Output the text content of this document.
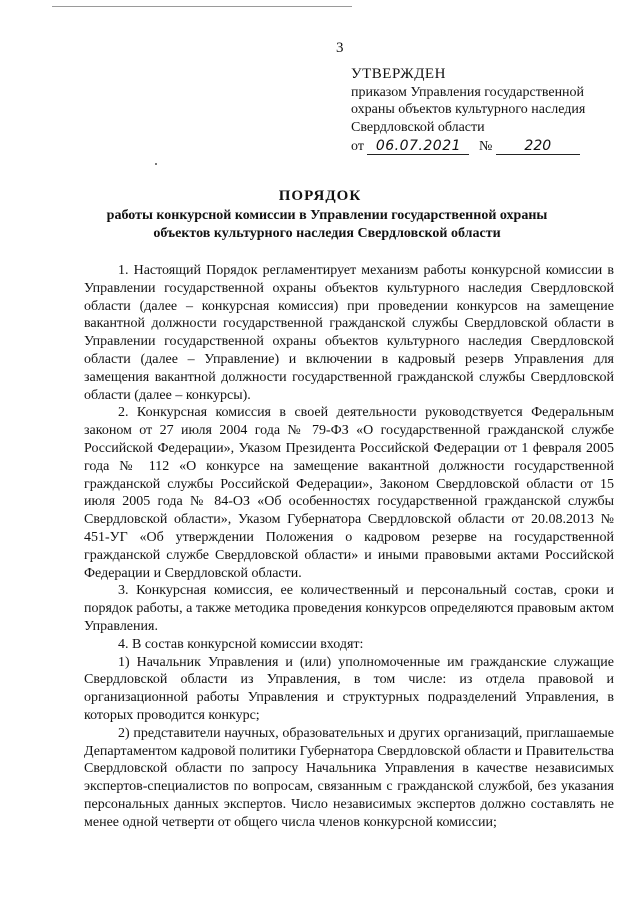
3
УТВЕРЖДЕН
приказом Управления государственной
охраны объектов культурного наследия
Свердловской области
от 06.07.2021 № 220
ПОРЯДОК
работы конкурсной комиссии в Управлении государственной охраны объектов культурного наследия Свердловской области

1. Настоящий Порядок регламентирует механизм работы конкурсной комиссии в Управлении государственной охраны объектов культурного наследия Свердловской области (далее – конкурсная комиссия) при проведении конкурсов на замещение вакантной должности государственной гражданской службы Свердловской области в Управлении государственной охраны объектов культурного наследия Свердловской области (далее – Управление) и включении в кадровый резерв Управления для замещения вакантной должности государственной гражданской службы Свердловской области (далее – конкурсы).

2. Конкурсная комиссия в своей деятельности руководствуется Федеральным законом от 27 июля 2004 года № 79-ФЗ «О государственной гражданской службе Российской Федерации», Указом Президента Российской Федерации от 1 февраля 2005 года № 112 «О конкурсе на замещение вакантной должности государственной гражданской службы Российской Федерации», Законом Свердловской области от 15 июля 2005 года № 84-ОЗ «Об особенностях государственной гражданской службы Свердловской области», Указом Губернатора Свердловской области от 20.08.2013 № 451-УГ «Об утверждении Положения о кадровом резерве на государственной гражданской службе Свердловской области» и иными правовыми актами Российской Федерации и Свердловской области.

3. Конкурсная комиссия, ее количественный и персональный состав, сроки и порядок работы, а также методика проведения конкурсов определяются правовым актом Управления.

4. В состав конкурсной комиссии входят:

1) Начальник Управления и (или) уполномоченные им гражданские служащие Свердловской области из Управления, в том числе: из отдела правовой и организационной работы Управления и структурных подразделений Управления, в которых проводится конкурс;

2) представители научных, образовательных и других организаций, приглашаемые Департаментом кадровой политики Губернатора Свердловской области и Правительства Свердловской области по запросу Начальника Управления в качестве независимых экспертов-специалистов по вопросам, связанным с гражданской службой, без указания персональных данных экспертов. Число независимых экспертов должно составлять не менее одной четверти от общего числа членов конкурсной комиссии;
